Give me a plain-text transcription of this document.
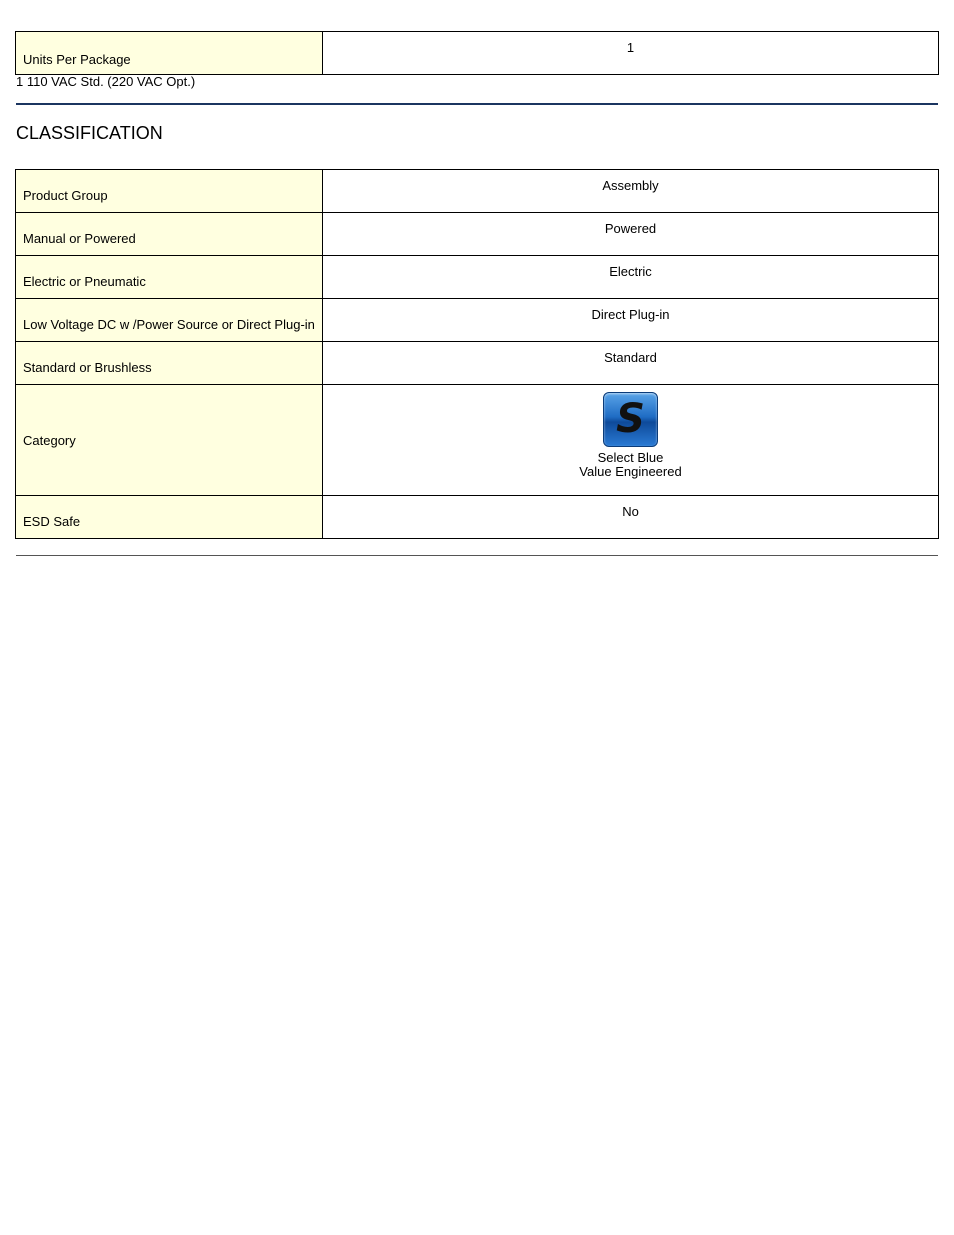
Units Per Package	1
1 110 VAC Std. (220 VAC Opt.)
CLASSIFICATION
Product Group	Assembly
Manual or Powered	Powered
Electric or Pneumatic	Electric
Low Voltage DC w /Power Source or Direct Plug-in	Direct Plug-in
Standard or Brushless	Standard
Category	S
Select Blue
Value Engineered

ESD Safe	No
